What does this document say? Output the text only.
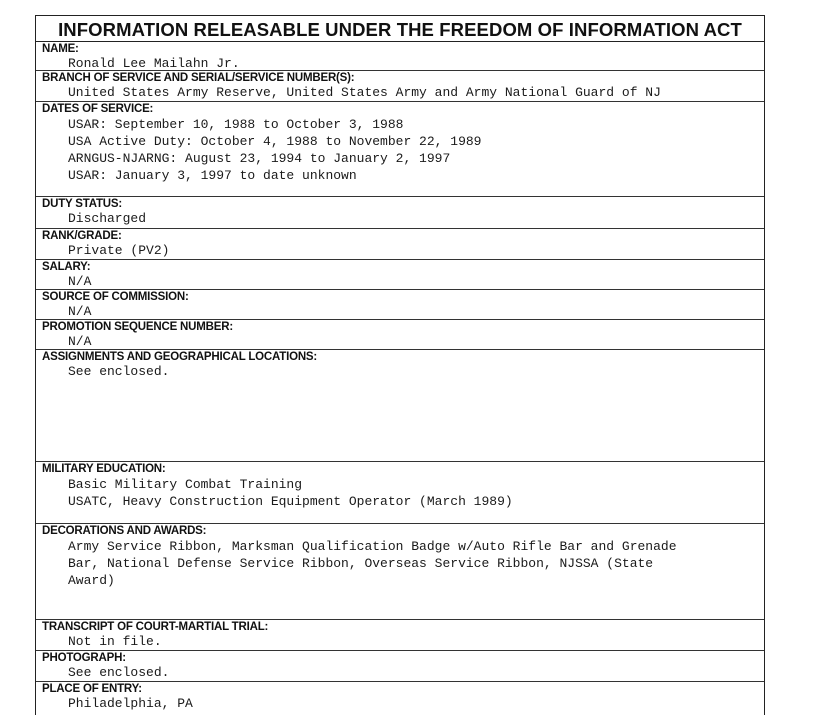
INFORMATION RELEASABLE UNDER THE FREEDOM OF INFORMATION ACT
NAME:
Ronald Lee Mailahn Jr.
BRANCH OF SERVICE AND SERIAL/SERVICE NUMBER(S):
United States Army Reserve, United States Army and Army National Guard of NJ
DATES OF SERVICE:
USAR: September 10, 1988 to October 3, 1988
USA Active Duty: October 4, 1988 to November 22, 1989
ARNGUS-NJARNG: August 23, 1994 to January 2, 1997
USAR: January 3, 1997 to date unknown
DUTY STATUS:
Discharged
RANK/GRADE:
Private (PV2)
SALARY:
N/A
SOURCE OF COMMISSION:
N/A
PROMOTION SEQUENCE NUMBER:
N/A
ASSIGNMENTS AND GEOGRAPHICAL LOCATIONS:
See enclosed.
MILITARY EDUCATION:
Basic Military Combat Training
USATC, Heavy Construction Equipment Operator (March 1989)
DECORATIONS AND AWARDS:
Army Service Ribbon, Marksman Qualification Badge w/Auto Rifle Bar and Grenade
Bar, National Defense Service Ribbon, Overseas Service Ribbon, NJSSA (State
Award)
TRANSCRIPT OF COURT-MARTIAL TRIAL:
Not in file.
PHOTOGRAPH:
See enclosed.
PLACE OF ENTRY:
Philadelphia, PA
